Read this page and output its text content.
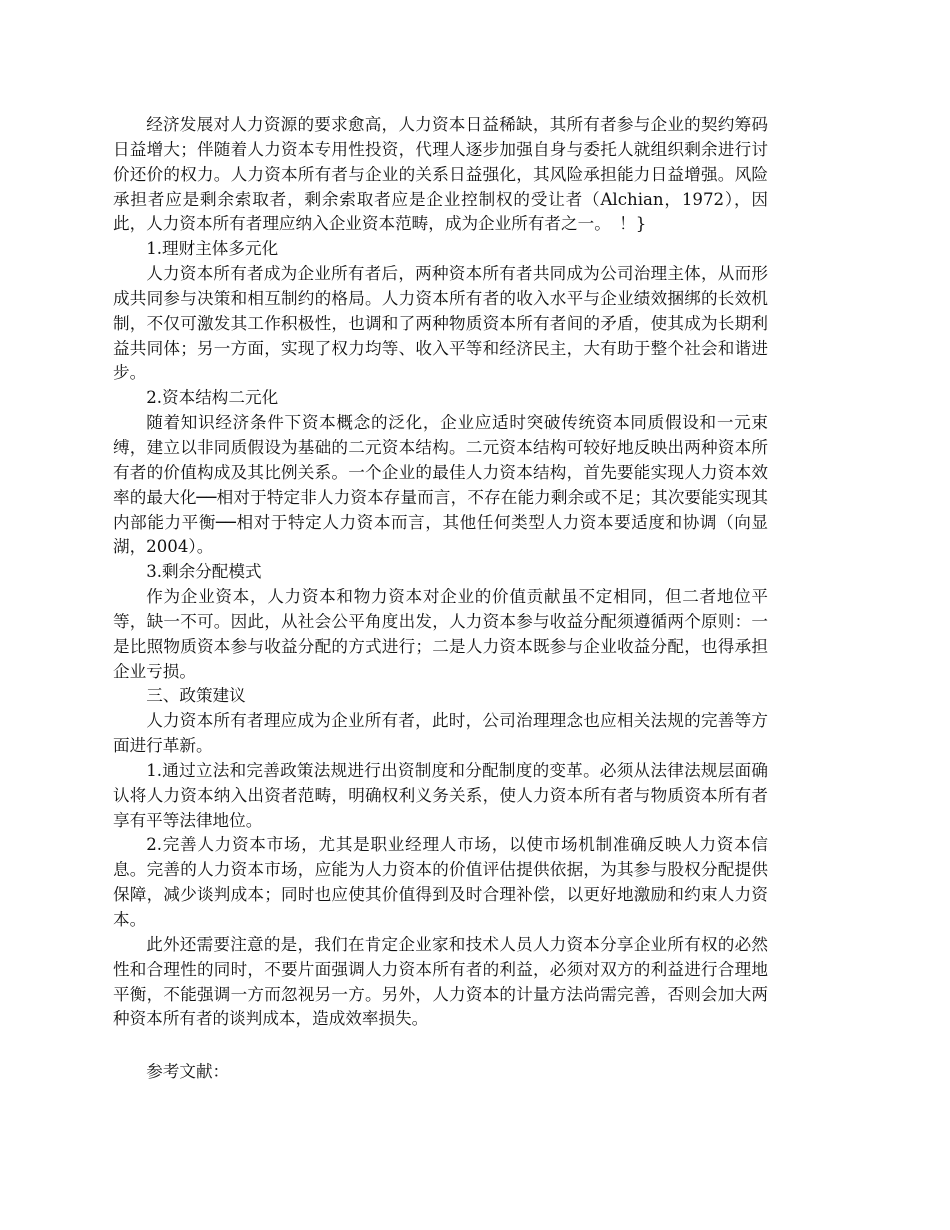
经济发展对人力资源的要求愈高，人力资本日益稀缺，其所有者参与企业的契约筹码日益增大；伴随着人力资本专用性投资，代理人逐步加强自身与委托人就组织剩余进行讨价还价的权力。人力资本所有者与企业的关系日益强化，其风险承担能力日益增强。风险承担者应是剩余索取者，剩余索取者应是企业控制权的受让者（Alchian，1972），因此，人力资本所有者理应纳入企业资本范畴，成为企业所有者之一。　！}

1.理财主体多元化

人力资本所有者成为企业所有者后，两种资本所有者共同成为公司治理主体，从而形成共同参与决策和相互制约的格局。人力资本所有者的收入水平与企业绩效捆绑的长效机制，不仅可激发其工作积极性，也调和了两种物质资本所有者间的矛盾，使其成为长期利益共同体；另一方面，实现了权力均等、收入平等和经济民主，大有助于整个社会和谐进步。

2.资本结构二元化

随着知识经济条件下资本概念的泛化，企业应适时突破传统资本同质假设和一元束缚，建立以非同质假设为基础的二元资本结构。二元资本结构可较好地反映出两种资本所有者的价值构成及其比例关系。一个企业的最佳人力资本结构，首先要能实现人力资本效率的最大化──相对于特定非人力资本存量而言，不存在能力剩余或不足；其次要能实现其内部能力平衡──相对于特定人力资本而言，其他任何类型人力资本要适度和协调（向显湖，2004）。

3.剩余分配模式

作为企业资本，人力资本和物力资本对企业的价值贡献虽不定相同，但二者地位平等，缺一不可。因此，从社会公平角度出发，人力资本参与收益分配须遵循两个原则：一是比照物质资本参与收益分配的方式进行；二是人力资本既参与企业收益分配，也得承担企业亏损。

三、政策建议

人力资本所有者理应成为企业所有者，此时，公司治理理念也应相关法规的完善等方面进行革新。

1.通过立法和完善政策法规进行出资制度和分配制度的变革。必须从法律法规层面确认将人力资本纳入出资者范畴，明确权利义务关系，使人力资本所有者与物质资本所有者享有平等法律地位。

2.完善人力资本市场，尤其是职业经理人市场，以使市场机制准确反映人力资本信息。完善的人力资本市场，应能为人力资本的价值评估提供依据，为其参与股权分配提供保障，减少谈判成本；同时也应使其价值得到及时合理补偿，以更好地激励和约束人力资本。

此外还需要注意的是，我们在肯定企业家和技术人员人力资本分享企业所有权的必然性和合理性的同时，不要片面强调人力资本所有者的利益，必须对双方的利益进行合理地平衡，不能强调一方而忽视另一方。另外，人力资本的计量方法尚需完善，否则会加大两种资本所有者的谈判成本，造成效率损失。

参考文献：
